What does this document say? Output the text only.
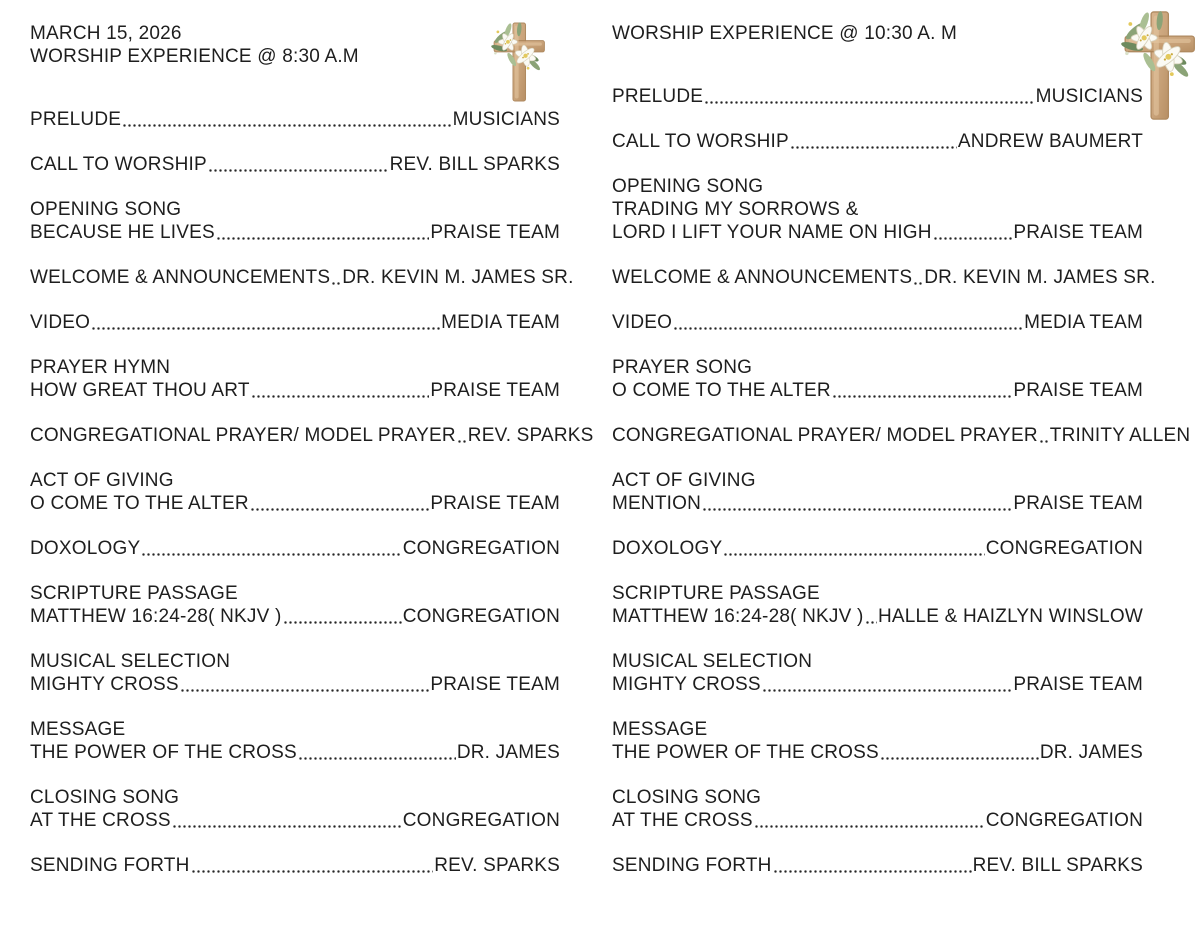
MARCH 15, 2026
WORSHIP EXPERIENCE @ 8:30 A.M
PRELUDE	MUSICIANS
CALL TO WORSHIP	REV. BILL SPARKS
OPENING SONG
BECAUSE HE LIVES	PRAISE TEAM
WELCOME & ANNOUNCEMENTS DR. KEVIN M. JAMES SR.
VIDEO	MEDIA TEAM
PRAYER HYMN
HOW GREAT THOU ART	PRAISE TEAM
CONGREGATIONAL PRAYER/ MODEL PRAYER REV. SPARKS
ACT OF GIVING
O COME TO THE ALTER	PRAISE TEAM
DOXOLOGY	CONGREGATION
SCRIPTURE PASSAGE
MATTHEW 16:24-28( NKJV )	CONGREGATION
MUSICAL SELECTION
MIGHTY CROSS	PRAISE TEAM
MESSAGE
THE POWER OF THE CROSS	DR. JAMES
CLOSING SONG
AT THE CROSS	CONGREGATION
SENDING FORTH	REV. SPARKS
WORSHIP EXPERIENCE @ 10:30 A. M
PRELUDE	MUSICIANS
CALL TO WORSHIP	ANDREW BAUMERT
OPENING SONG
TRADING MY SORROWS &
LORD I LIFT YOUR NAME ON HIGH	PRAISE TEAM
WELCOME & ANNOUNCEMENTS DR. KEVIN M. JAMES SR.
VIDEO	MEDIA TEAM
PRAYER SONG
O COME TO THE ALTER	PRAISE TEAM
CONGREGATIONAL PRAYER/ MODEL PRAYER TRINITY ALLEN
ACT OF GIVING
MENTION	PRAISE TEAM
DOXOLOGY	CONGREGATION
SCRIPTURE PASSAGE
MATTHEW 16:24-28( NKJV ) HALLE & HAIZLYN WINSLOW
MUSICAL SELECTION
MIGHTY CROSS	PRAISE TEAM
MESSAGE
THE POWER OF THE CROSS	DR. JAMES
CLOSING SONG
AT THE CROSS	CONGREGATION
SENDING FORTH	REV. BILL SPARKS
